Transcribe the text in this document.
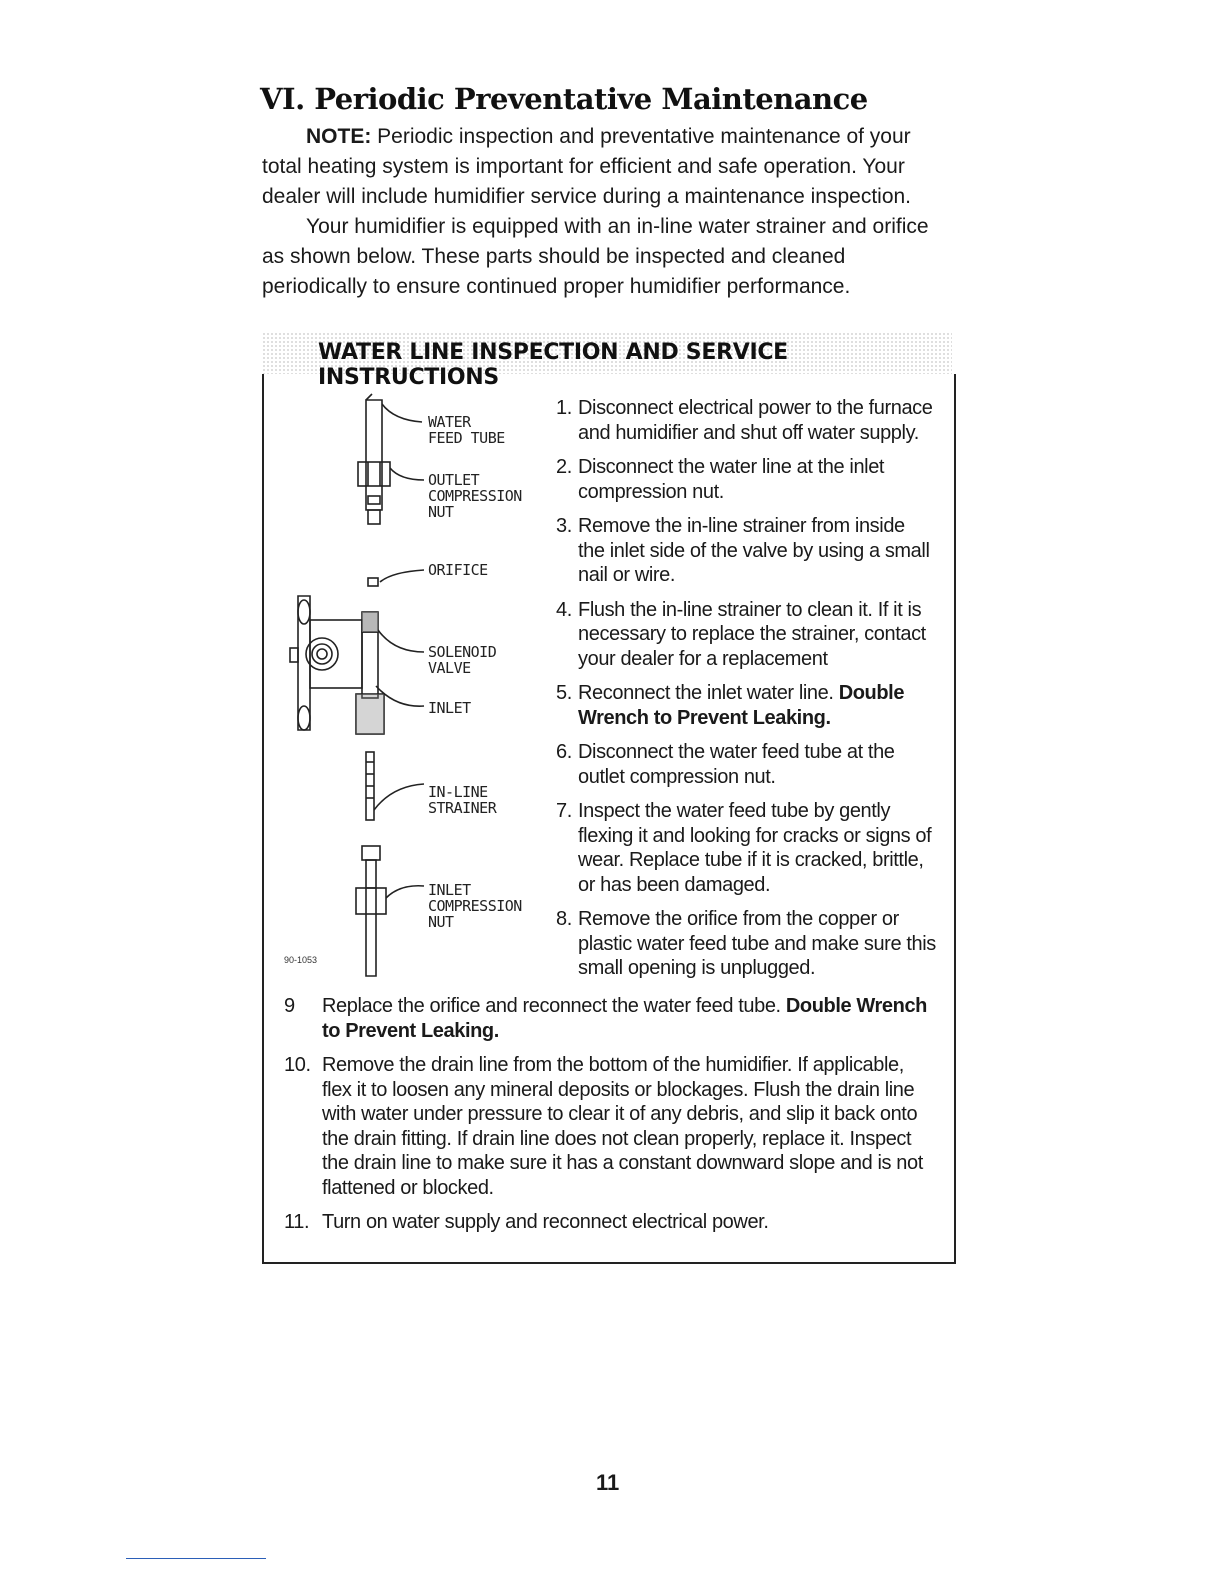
VI. Periodic Preventative Maintenance

NOTE: Periodic inspection and preventative maintenance of your total heating system is important for efficient and safe operation. Your dealer will include humidifier service during a maintenance inspection.

Your humidifier is equipped with an in-line water strainer and orifice as shown below. These parts should be inspected and cleaned periodically to ensure continued proper humidifier performance.

WATER LINE INSPECTION AND SERVICE INSTRUCTIONS
WATER
FEED TUBE
OUTLET
COMPRESSION
NUT
ORIFICE
SOLENOID
VALVE
INLET
IN-LINE
STRAINER
INLET
COMPRESSION
NUT
90-1053
1. Disconnect electrical power to the furnace and humidifier and shut off water supply.
2. Disconnect the water line at the inlet compression nut.
3. Remove the in-line strainer from inside the inlet side of the valve by using a small nail or wire.
4. Flush the in-line strainer to clean it. If it is necessary to replace the strainer, contact your dealer for a replacement
5. Reconnect the inlet water line. Double Wrench to Prevent Leaking.
6. Disconnect the water feed tube at the outlet compression nut.
7. Inspect the water feed tube by gently flexing it and looking for cracks or signs of wear. Replace tube if it is cracked, brittle, or has been damaged.
8. Remove the orifice from the copper or plastic water feed tube and make sure this small opening is unplugged.
9 Replace the orifice and reconnect the water feed tube. Double Wrench to Prevent Leaking.
10. Remove the drain line from the bottom of the humidifier. If applicable, flex it to loosen any mineral deposits or blockages. Flush the drain line with water under pressure to clear it of any debris, and slip it back onto the drain fitting. If drain line does not clean properly, replace it. Inspect the drain line to make sure it has a constant downward slope and is not flattened or blocked.
11. Turn on water supply and reconnect electrical power.
11
